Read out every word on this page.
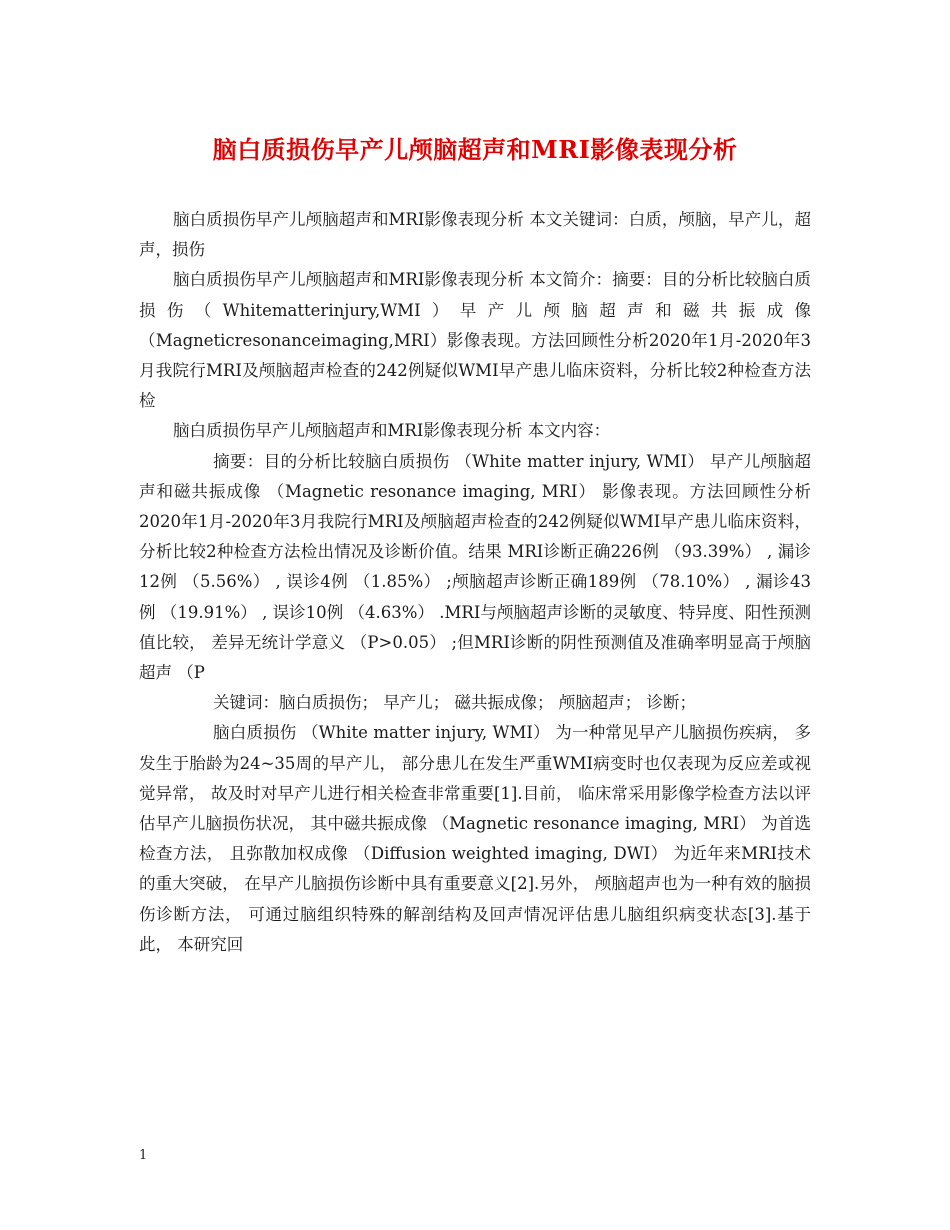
脑白质损伤早产儿颅脑超声和MRI影像表现分析

脑白质损伤早产儿颅脑超声和MRI影像表现分析 本文关键词：白质，颅脑，早产儿，超声，损伤

脑白质损伤早产儿颅脑超声和MRI影像表现分析 本文简介：摘要：目的分析比较脑白质损伤（Whitematterinjury,WMI）早产儿颅脑超声和磁共振成像（Magneticresonanceimaging,MRI）影像表现。方法回顾性分析2020年1月-2020年3月我院行MRI及颅脑超声检查的242例疑似WMI早产患儿临床资料，分析比较2种检查方法检

脑白质损伤早产儿颅脑超声和MRI影像表现分析 本文内容：

摘要：目的分析比较脑白质损伤 （White matter injury, WMI） 早产儿颅脑超声和磁共振成像 （Magnetic resonance imaging, MRI） 影像表现。方法回顾性分析2020年1月-2020年3月我院行MRI及颅脑超声检查的242例疑似WMI早产患儿临床资料， 分析比较2种检查方法检出情况及诊断价值。结果 MRI诊断正确226例 （93.39%） , 漏诊12例 （5.56%） , 误诊4例 （1.85%） ;颅脑超声诊断正确189例 （78.10%） , 漏诊43例 （19.91%） , 误诊10例 （4.63%） .MRI与颅脑超声诊断的灵敏度、特异度、阳性预测值比较， 差异无统计学意义 （P>0.05） ;但MRI诊断的阴性预测值及准确率明显高于颅脑超声 （P

关键词：脑白质损伤； 早产儿； 磁共振成像； 颅脑超声； 诊断；

脑白质损伤 （White matter injury, WMI） 为一种常见早产儿脑损伤疾病， 多发生于胎龄为24~35周的早产儿， 部分患儿在发生严重WMI病变时也仅表现为反应差或视觉异常， 故及时对早产儿进行相关检查非常重要[1].目前， 临床常采用影像学检查方法以评估早产儿脑损伤状况， 其中磁共振成像 （Magnetic resonance imaging, MRI） 为首选检查方法， 且弥散加权成像 （Diffusion weighted imaging, DWI） 为近年来MRI技术的重大突破， 在早产儿脑损伤诊断中具有重要意义[2].另外， 颅脑超声也为一种有效的脑损伤诊断方法， 可通过脑组织特殊的解剖结构及回声情况评估患儿脑组织病变状态[3].基于此， 本研究回

1
